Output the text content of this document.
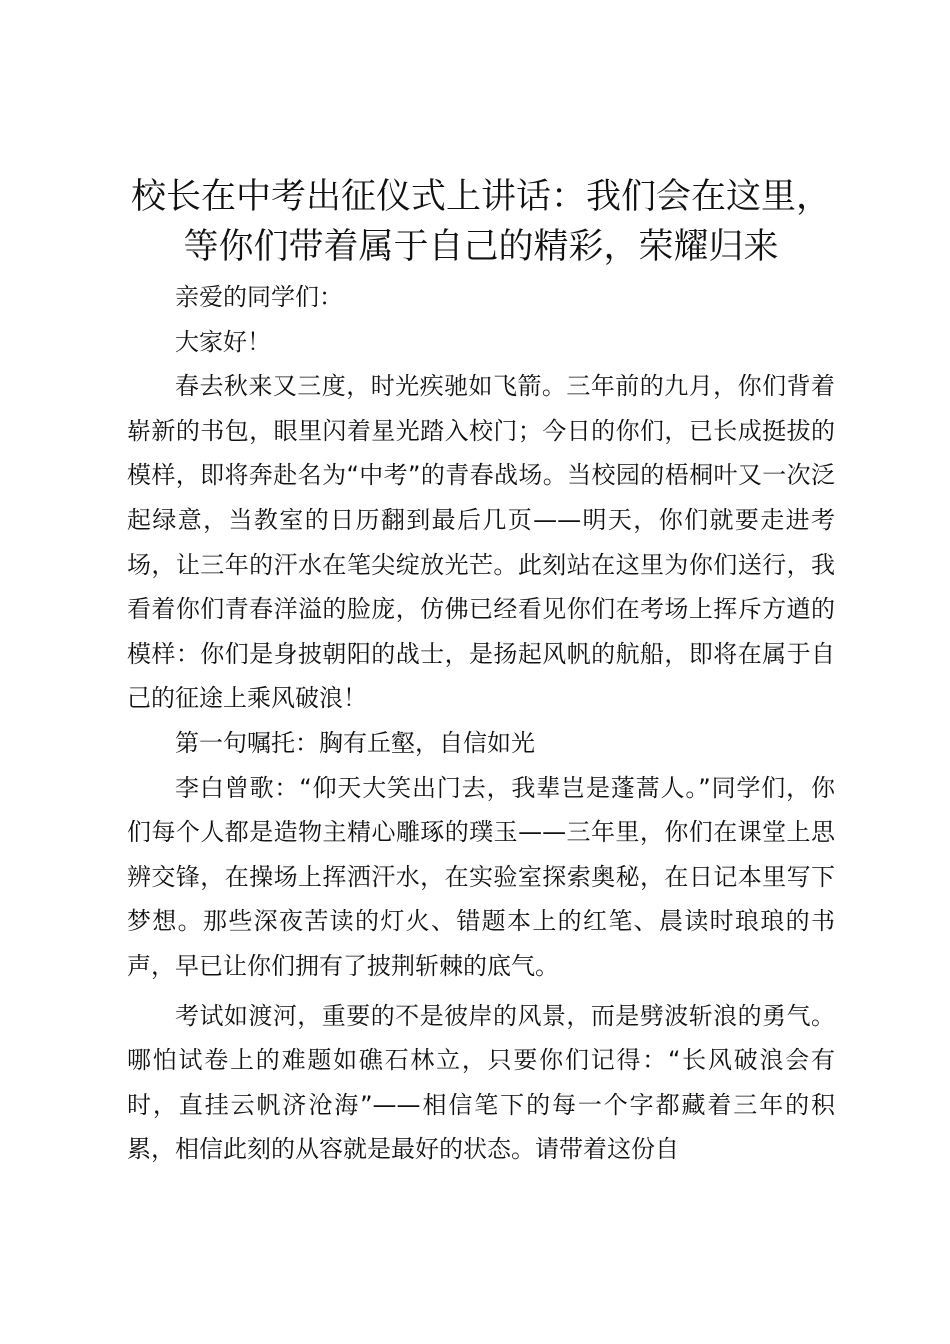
校长在中考出征仪式上讲话：我们会在这里，
等你们带着属于自己的精彩，荣耀归来

亲爱的同学们：

大家好！

春去秋来又三度，时光疾驰如飞箭。三年前的九月，你们背着崭新的书包，眼里闪着星光踏入校门；今日的你们，已长成挺拔的模样，即将奔赴名为“中考”的青春战场。当校园的梧桐叶又一次泛起绿意，当教室的日历翻到最后几页——明天，你们就要走进考场，让三年的汗水在笔尖绽放光芒。此刻站在这里为你们送行，我看着你们青春洋溢的脸庞，仿佛已经看见你们在考场上挥斥方遒的模样：你们是身披朝阳的战士，是扬起风帆的航船，即将在属于自己的征途上乘风破浪！

第一句嘱托：胸有丘壑，自信如光

李白曾歌：“仰天大笑出门去，我辈岂是蓬蒿人。”同学们，你们每个人都是造物主精心雕琢的璞玉——三年里，你们在课堂上思辨交锋，在操场上挥洒汗水，在实验室探索奥秘，在日记本里写下梦想。那些深夜苦读的灯火、错题本上的红笔、晨读时琅琅的书声，早已让你们拥有了披荆斩棘的底气。

考试如渡河，重要的不是彼岸的风景，而是劈波斩浪的勇气。哪怕试卷上的难题如礁石林立，只要你们记得：“长风破浪会有时，直挂云帆济沧海”——相信笔下的每一个字都藏着三年的积累，相信此刻的从容就是最好的状态。请带着这份自
